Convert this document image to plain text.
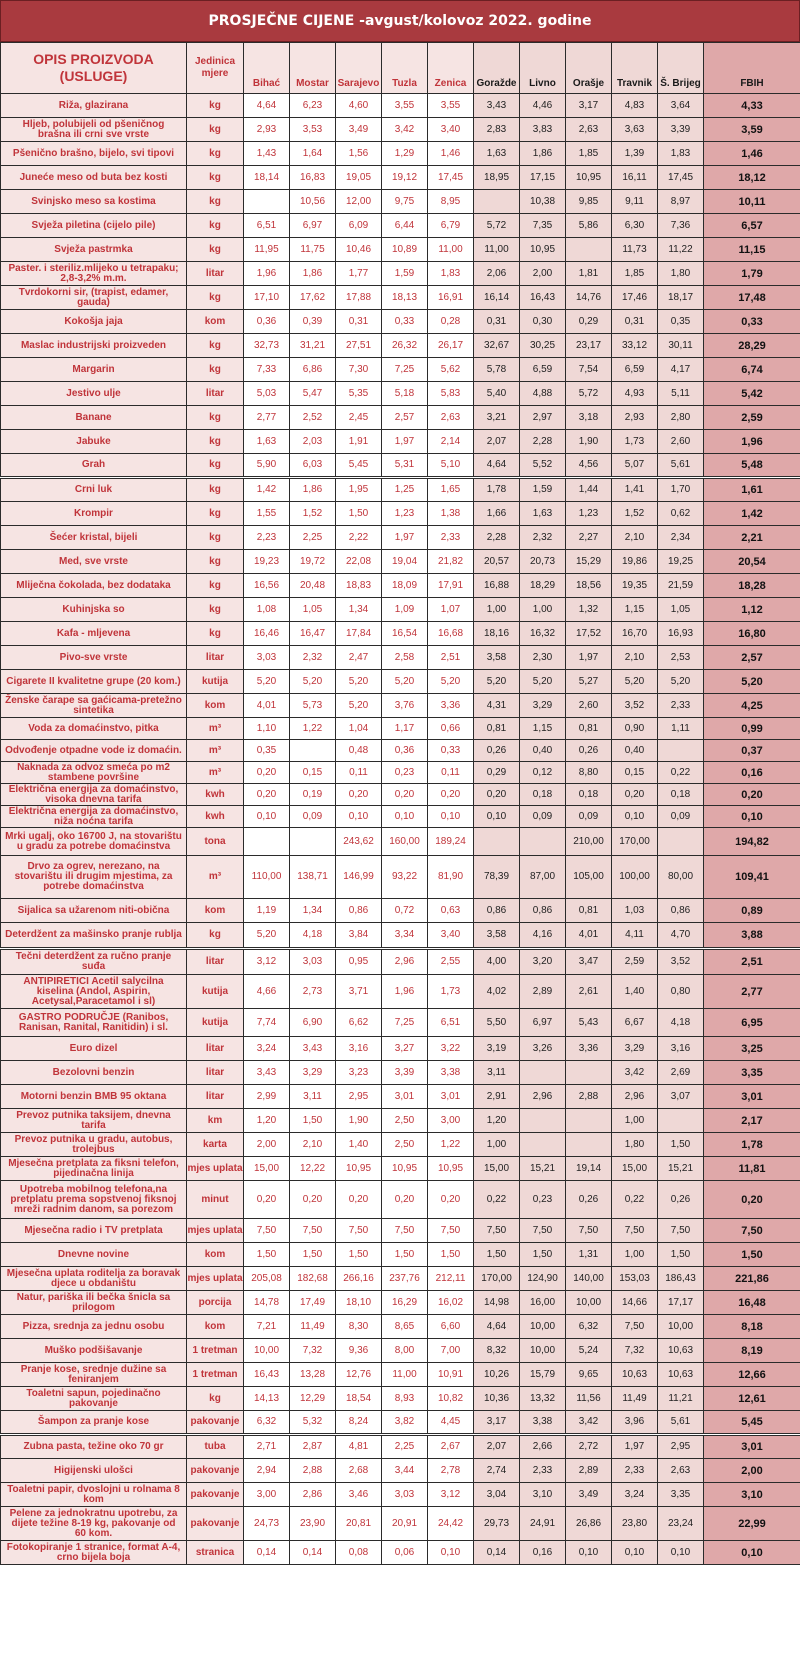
PROSJEČNE CIJENE -avgust/kolovoz 2022. godine
OPIS PROIZVODA (USLUGE)	Jedinica mjere	Bihać	Mostar	Sarajevo	Tuzla	Zenica	Goražde	Livno	Orašje	Travnik	Š. Brijeg	FBIH
Riža, glazirana	kg	4,64	6,23	4,60	3,55	3,55	3,43	4,46	3,17	4,83	3,64	4,33
Hljeb, polubijeli od pšeničnog brašna ili crni sve vrste	kg	2,93	3,53	3,49	3,42	3,40	2,83	3,83	2,63	3,63	3,39	3,59
Pšenično brašno, bijelo, svi tipovi	kg	1,43	1,64	1,56	1,29	1,46	1,63	1,86	1,85	1,39	1,83	1,46
Juneće meso od buta bez kosti	kg	18,14	16,83	19,05	19,12	17,45	18,95	17,15	10,95	16,11	17,45	18,12
Svinjsko meso sa kostima	kg		10,56	12,00	9,75	8,95		10,38	9,85	9,11	8,97	10,11
Svježa piletina (cijelo pile)	kg	6,51	6,97	6,09	6,44	6,79	5,72	7,35	5,86	6,30	7,36	6,57
Svježa pastrmka	kg	11,95	11,75	10,46	10,89	11,00	11,00	10,95		11,73	11,22	11,15
Paster. i steriliz.mlijeko u tetrapaku; 2,8-3,2% m.m.	litar	1,96	1,86	1,77	1,59	1,83	2,06	2,00	1,81	1,85	1,80	1,79
Tvrdokorni sir, (trapist, edamer, gauda)	kg	17,10	17,62	17,88	18,13	16,91	16,14	16,43	14,76	17,46	18,17	17,48
Kokošja jaja	kom	0,36	0,39	0,31	0,33	0,28	0,31	0,30	0,29	0,31	0,35	0,33
Maslac industrijski proizveden	kg	32,73	31,21	27,51	26,32	26,17	32,67	30,25	23,17	33,12	30,11	28,29
Margarin	kg	7,33	6,86	7,30	7,25	5,62	5,78	6,59	7,54	6,59	4,17	6,74
Jestivo ulje	litar	5,03	5,47	5,35	5,18	5,83	5,40	4,88	5,72	4,93	5,11	5,42
Banane	kg	2,77	2,52	2,45	2,57	2,63	3,21	2,97	3,18	2,93	2,80	2,59
Jabuke	kg	1,63	2,03	1,91	1,97	2,14	2,07	2,28	1,90	1,73	2,60	1,96
Grah	kg	5,90	6,03	5,45	5,31	5,10	4,64	5,52	4,56	5,07	5,61	5,48
Crni luk	kg	1,42	1,86	1,95	1,25	1,65	1,78	1,59	1,44	1,41	1,70	1,61
Krompir	kg	1,55	1,52	1,50	1,23	1,38	1,66	1,63	1,23	1,52	0,62	1,42
Šećer kristal, bijeli	kg	2,23	2,25	2,22	1,97	2,33	2,28	2,32	2,27	2,10	2,34	2,21
Med, sve vrste	kg	19,23	19,72	22,08	19,04	21,82	20,57	20,73	15,29	19,86	19,25	20,54
Mliječna čokolada, bez dodataka	kg	16,56	20,48	18,83	18,09	17,91	16,88	18,29	18,56	19,35	21,59	18,28
Kuhinjska so	kg	1,08	1,05	1,34	1,09	1,07	1,00	1,00	1,32	1,15	1,05	1,12
Kafa - mljevena	kg	16,46	16,47	17,84	16,54	16,68	18,16	16,32	17,52	16,70	16,93	16,80
Pivo-sve vrste	litar	3,03	2,32	2,47	2,58	2,51	3,58	2,30	1,97	2,10	2,53	2,57
Cigarete II kvalitetne grupe (20 kom.)	kutija	5,20	5,20	5,20	5,20	5,20	5,20	5,20	5,27	5,20	5,20	5,20
Ženske čarape sa gaćicama-pretežno sintetika	kom	4,01	5,73	5,20	3,76	3,36	4,31	3,29	2,60	3,52	2,33	4,25
Voda za domaćinstvo, pitka	m³	1,10	1,22	1,04	1,17	0,66	0,81	1,15	0,81	0,90	1,11	0,99
Odvođenje otpadne vode iz domaćin.	m³	0,35		0,48	0,36	0,33	0,26	0,40	0,26	0,40		0,37
Naknada za odvoz smeća po m2 stambene površine	m³	0,20	0,15	0,11	0,23	0,11	0,29	0,12	8,80	0,15	0,22	0,16
Električna energija za domaćinstvo, visoka dnevna tarifa	kwh	0,20	0,19	0,20	0,20	0,20	0,20	0,18	0,18	0,20	0,18	0,20
Električna energija za domaćinstvo, niža noćna tarifa	kwh	0,10	0,09	0,10	0,10	0,10	0,10	0,09	0,09	0,10	0,09	0,10
Mrki ugalj, oko 16700 J, na stovarištu u gradu za potrebe domaćinstva	tona			243,62	160,00	189,24			210,00	170,00		194,82
Drvo za ogrev, nerezano, na stovarištu ili drugim mjestima, za potrebe domaćinstva	m³	110,00	138,71	146,99	93,22	81,90	78,39	87,00	105,00	100,00	80,00	109,41
Sijalica sa užarenom niti-obična	kom	1,19	1,34	0,86	0,72	0,63	0,86	0,86	0,81	1,03	0,86	0,89
Deterdžent za mašinsko pranje rublja	kg	5,20	4,18	3,84	3,34	3,40	3,58	4,16	4,01	4,11	4,70	3,88
Tečni deterdžent za ručno pranje suđa	litar	3,12	3,03	0,95	2,96	2,55	4,00	3,20	3,47	2,59	3,52	2,51
ANTIPIRETICI Acetil salycilna kiselina (Andol, Aspirin, Acetysal,Paracetamol i sl)	kutija	4,66	2,73	3,71	1,96	1,73	4,02	2,89	2,61	1,40	0,80	2,77
GASTRO PODRUČJE (Ranibos, Ranisan, Ranital, Ranitidin) i sl.	kutija	7,74	6,90	6,62	7,25	6,51	5,50	6,97	5,43	6,67	4,18	6,95
Euro dizel	litar	3,24	3,43	3,16	3,27	3,22	3,19	3,26	3,36	3,29	3,16	3,25
Bezolovni benzin	litar	3,43	3,29	3,23	3,39	3,38	3,11			3,42	2,69	3,35
Motorni benzin BMB 95 oktana	litar	2,99	3,11	2,95	3,01	3,01	2,91	2,96	2,88	2,96	3,07	3,01
Prevoz putnika taksijem, dnevna tarifa	km	1,20	1,50	1,90	2,50	3,00	1,20			1,00		2,17
Prevoz putnika u gradu, autobus, trolejbus	karta	2,00	2,10	1,40	2,50	1,22	1,00			1,80	1,50	1,78
Mjesečna pretplata za fiksni telefon, pijedinačna linija	mjes uplata	15,00	12,22	10,95	10,95	10,95	15,00	15,21	19,14	15,00	15,21	11,81
Upotreba mobilnog telefona,na pretplatu prema sopstvenoj fiksnoj mreži radnim danom, sa porezom	minut	0,20	0,20	0,20	0,20	0,20	0,22	0,23	0,26	0,22	0,26	0,20
Mjesečna radio i TV pretplata	mjes uplata	7,50	7,50	7,50	7,50	7,50	7,50	7,50	7,50	7,50	7,50	7,50
Dnevne novine	kom	1,50	1,50	1,50	1,50	1,50	1,50	1,50	1,31	1,00	1,50	1,50
Mjesečna uplata roditelja za boravak djece u obdaništu	mjes uplata	205,08	182,68	266,16	237,76	212,11	170,00	124,90	140,00	153,03	186,43	221,86
Natur, pariška ili bečka šnicla sa prilogom	porcija	14,78	17,49	18,10	16,29	16,02	14,98	16,00	10,00	14,66	17,17	16,48
Pizza, srednja za jednu osobu	kom	7,21	11,49	8,30	8,65	6,60	4,64	10,00	6,32	7,50	10,00	8,18
Muško podšišavanje	1 tretman	10,00	7,32	9,36	8,00	7,00	8,32	10,00	5,24	7,32	10,63	8,19
Pranje kose, srednje dužine sa feniranjem	1 tretman	16,43	13,28	12,76	11,00	10,91	10,26	15,79	9,65	10,63	10,63	12,66
Toaletni sapun, pojedinačno pakovanje	kg	14,13	12,29	18,54	8,93	10,82	10,36	13,32	11,56	11,49	11,21	12,61
Šampon za pranje kose	pakovanje	6,32	5,32	8,24	3,82	4,45	3,17	3,38	3,42	3,96	5,61	5,45
Zubna pasta, težine oko 70 gr	tuba	2,71	2,87	4,81	2,25	2,67	2,07	2,66	2,72	1,97	2,95	3,01
Higijenski ulošci	pakovanje	2,94	2,88	2,68	3,44	2,78	2,74	2,33	2,89	2,33	2,63	2,00
Toaletni papir, dvoslojni u rolnama 8 kom	pakovanje	3,00	2,86	3,46	3,03	3,12	3,04	3,10	3,49	3,24	3,35	3,10
Pelene za jednokratnu upotrebu, za dijete težine 8-19 kg, pakovanje od 60 kom.	pakovanje	24,73	23,90	20,81	20,91	24,42	29,73	24,91	26,86	23,80	23,24	22,99
Fotokopiranje 1 stranice, format A-4, crno bijela boja	stranica	0,14	0,14	0,08	0,06	0,10	0,14	0,16	0,10	0,10	0,10	0,10
